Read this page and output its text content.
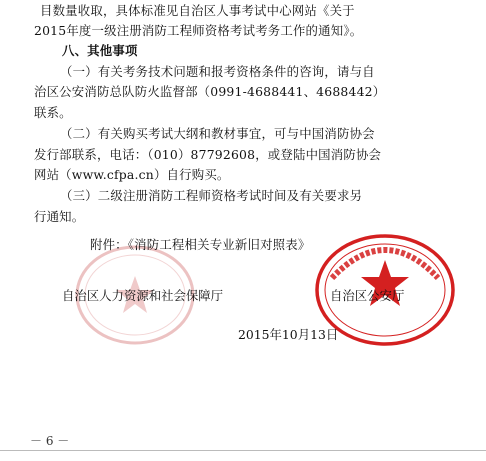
目数量收取，具体标准见自治区人事考试中心网站《关于
2015年度一级注册消防工程师资格考试考务工作的通知》。
八、其他事项
（一）有关考务技术问题和报考资格条件的咨询，请与自
治区公安消防总队防火监督部（0991-4688441、4688442）
联系。
（二）有关购买考试大纲和教材事宜，可与中国消防协会
发行部联系，电话：（010）87792608，或登陆中国消防协会
网站（www.cfpa.cn）自行购买。
（三）二级注册消防工程师资格考试时间及有关要求另
行通知。
附件：《消防工程相关专业新旧对照表》
自治区人力资源和社会保障厅	自治区公安厅
2015年10月13日
－ 6 －
